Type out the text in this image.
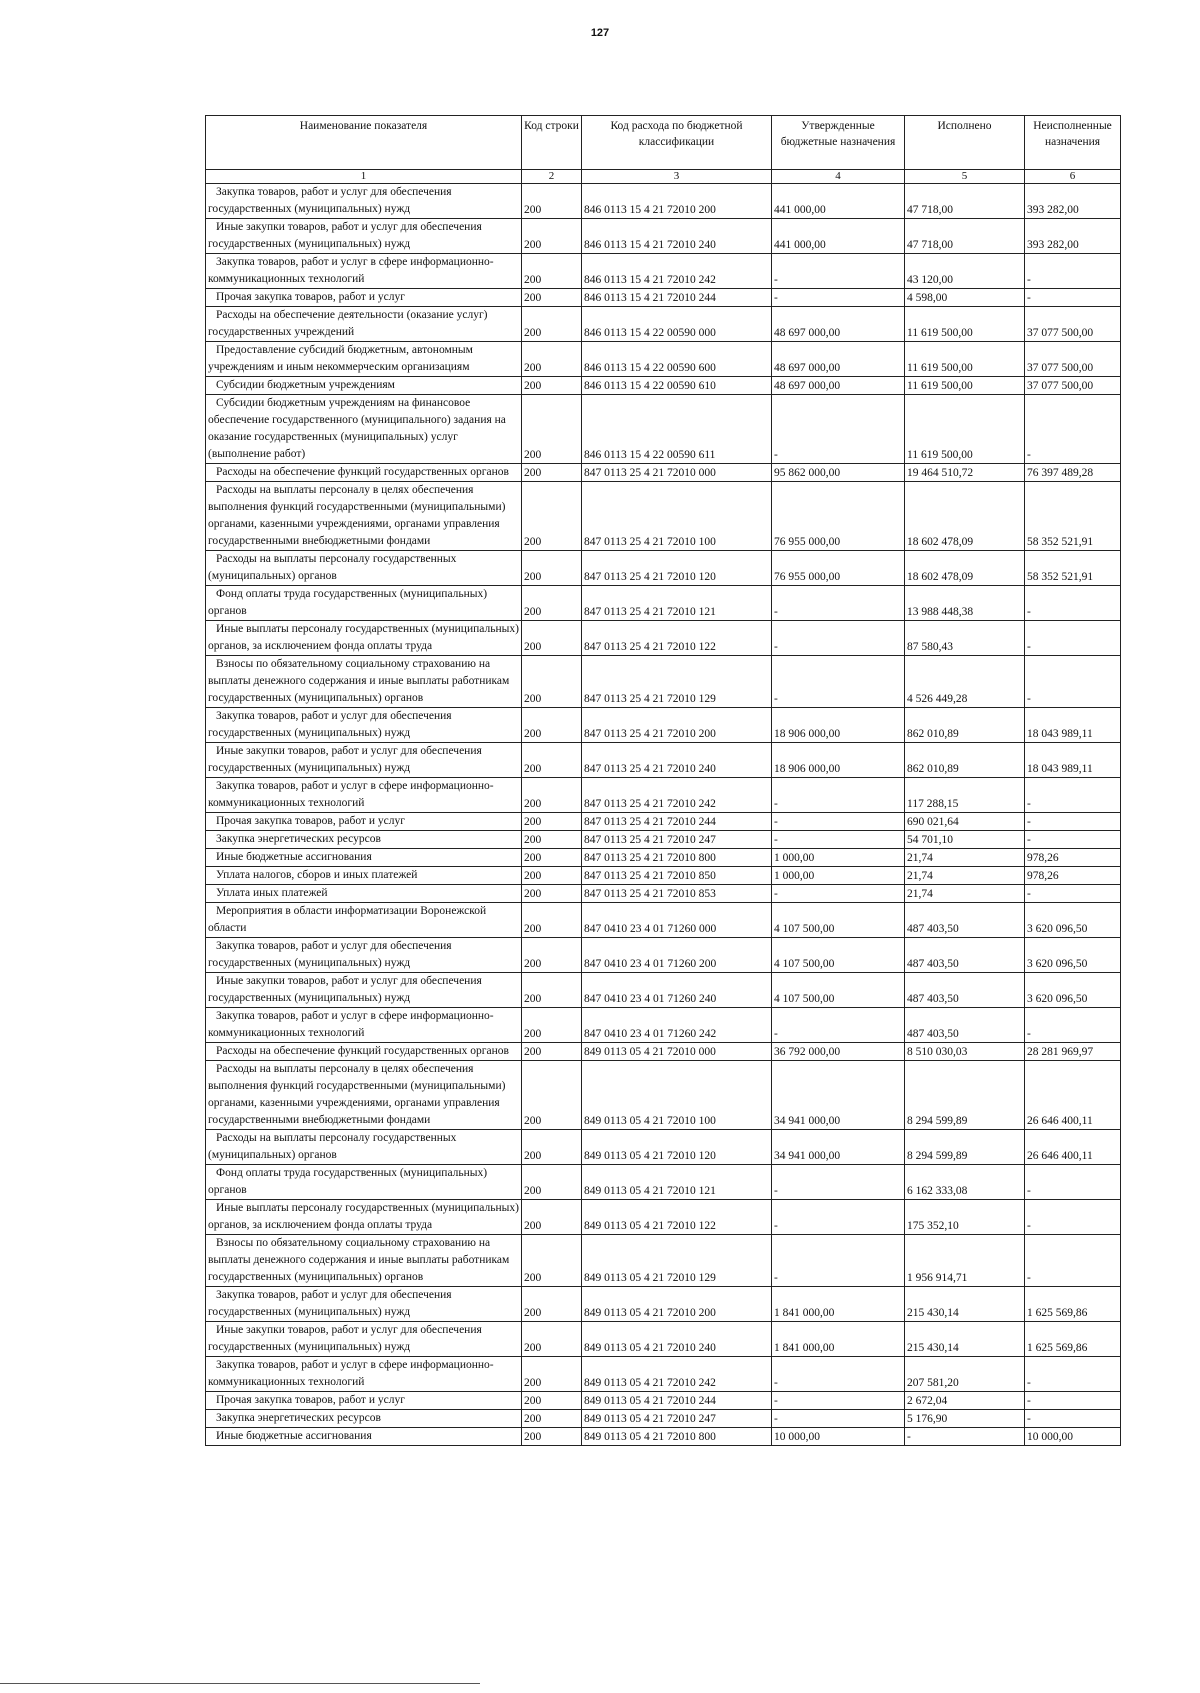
127
Наименование показателя	Код строки	Код расхода по бюджетной классификации	Утвержденные бюджетные назначения	Исполнено	Неисполненные назначения
1	2	3	4	5	6
Закупка товаров, работ и услуг для обеспечения государственных (муниципальных) нужд	200	846 0113 15 4 21 72010 200	441 000,00	47 718,00	393 282,00
Иные закупки товаров, работ и услуг для обеспечения государственных (муниципальных) нужд	200	846 0113 15 4 21 72010 240	441 000,00	47 718,00	393 282,00
Закупка товаров, работ и услуг в сфере информационно-коммуникационных технологий	200	846 0113 15 4 21 72010 242	-	43 120,00	-
Прочая закупка товаров, работ и услуг	200	846 0113 15 4 21 72010 244	-	4 598,00	-
Расходы на обеспечение деятельности (оказание услуг) государственных учреждений	200	846 0113 15 4 22 00590 000	48 697 000,00	11 619 500,00	37 077 500,00
Предоставление субсидий бюджетным, автономным учреждениям и иным некоммерческим организациям	200	846 0113 15 4 22 00590 600	48 697 000,00	11 619 500,00	37 077 500,00
Субсидии бюджетным учреждениям	200	846 0113 15 4 22 00590 610	48 697 000,00	11 619 500,00	37 077 500,00
Субсидии бюджетным учреждениям на финансовое обеспечение государственного (муниципального) задания на оказание государственных (муниципальных) услуг (выполнение работ)	200	846 0113 15 4 22 00590 611	-	11 619 500,00	-
Расходы на обеспечение функций государственных органов	200	847 0113 25 4 21 72010 000	95 862 000,00	19 464 510,72	76 397 489,28
Расходы на выплаты персоналу в целях обеспечения выполнения функций государственными (муниципальными) органами, казенными учреждениями, органами управления государственными внебюджетными фондами	200	847 0113 25 4 21 72010 100	76 955 000,00	18 602 478,09	58 352 521,91
Расходы на выплаты персоналу государственных (муниципальных) органов	200	847 0113 25 4 21 72010 120	76 955 000,00	18 602 478,09	58 352 521,91
Фонд оплаты труда государственных (муниципальных) органов	200	847 0113 25 4 21 72010 121	-	13 988 448,38	-
Иные выплаты персоналу государственных (муниципальных) органов, за исключением фонда оплаты труда	200	847 0113 25 4 21 72010 122	-	87 580,43	-
Взносы по обязательному социальному страхованию на выплаты денежного содержания и иные выплаты работникам государственных (муниципальных) органов	200	847 0113 25 4 21 72010 129	-	4 526 449,28	-
Закупка товаров, работ и услуг для обеспечения государственных (муниципальных) нужд	200	847 0113 25 4 21 72010 200	18 906 000,00	862 010,89	18 043 989,11
Иные закупки товаров, работ и услуг для обеспечения государственных (муниципальных) нужд	200	847 0113 25 4 21 72010 240	18 906 000,00	862 010,89	18 043 989,11
Закупка товаров, работ и услуг в сфере информационно-коммуникационных технологий	200	847 0113 25 4 21 72010 242	-	117 288,15	-
Прочая закупка товаров, работ и услуг	200	847 0113 25 4 21 72010 244	-	690 021,64	-
Закупка энергетических ресурсов	200	847 0113 25 4 21 72010 247	-	54 701,10	-
Иные бюджетные ассигнования	200	847 0113 25 4 21 72010 800	1 000,00	21,74	978,26
Уплата налогов, сборов и иных платежей	200	847 0113 25 4 21 72010 850	1 000,00	21,74	978,26
Уплата иных платежей	200	847 0113 25 4 21 72010 853	-	21,74	-
Мероприятия в области информатизации Воронежской области	200	847 0410 23 4 01 71260 000	4 107 500,00	487 403,50	3 620 096,50
Закупка товаров, работ и услуг для обеспечения государственных (муниципальных) нужд	200	847 0410 23 4 01 71260 200	4 107 500,00	487 403,50	3 620 096,50
Иные закупки товаров, работ и услуг для обеспечения государственных (муниципальных) нужд	200	847 0410 23 4 01 71260 240	4 107 500,00	487 403,50	3 620 096,50
Закупка товаров, работ и услуг в сфере информационно-коммуникационных технологий	200	847 0410 23 4 01 71260 242	-	487 403,50	-
Расходы на обеспечение функций государственных органов	200	849 0113 05 4 21 72010 000	36 792 000,00	8 510 030,03	28 281 969,97
Расходы на выплаты персоналу в целях обеспечения выполнения функций государственными (муниципальными) органами, казенными учреждениями, органами управления государственными внебюджетными фондами	200	849 0113 05 4 21 72010 100	34 941 000,00	8 294 599,89	26 646 400,11
Расходы на выплаты персоналу государственных (муниципальных) органов	200	849 0113 05 4 21 72010 120	34 941 000,00	8 294 599,89	26 646 400,11
Фонд оплаты труда государственных (муниципальных) органов	200	849 0113 05 4 21 72010 121	-	6 162 333,08	-
Иные выплаты персоналу государственных (муниципальных) органов, за исключением фонда оплаты труда	200	849 0113 05 4 21 72010 122	-	175 352,10	-
Взносы по обязательному социальному страхованию на выплаты денежного содержания и иные выплаты работникам государственных (муниципальных) органов	200	849 0113 05 4 21 72010 129	-	1 956 914,71	-
Закупка товаров, работ и услуг для обеспечения государственных (муниципальных) нужд	200	849 0113 05 4 21 72010 200	1 841 000,00	215 430,14	1 625 569,86
Иные закупки товаров, работ и услуг для обеспечения государственных (муниципальных) нужд	200	849 0113 05 4 21 72010 240	1 841 000,00	215 430,14	1 625 569,86
Закупка товаров, работ и услуг в сфере информационно-коммуникационных технологий	200	849 0113 05 4 21 72010 242	-	207 581,20	-
Прочая закупка товаров, работ и услуг	200	849 0113 05 4 21 72010 244	-	2 672,04	-
Закупка энергетических ресурсов	200	849 0113 05 4 21 72010 247	-	5 176,90	-
Иные бюджетные ассигнования	200	849 0113 05 4 21 72010 800	10 000,00	-	10 000,00
